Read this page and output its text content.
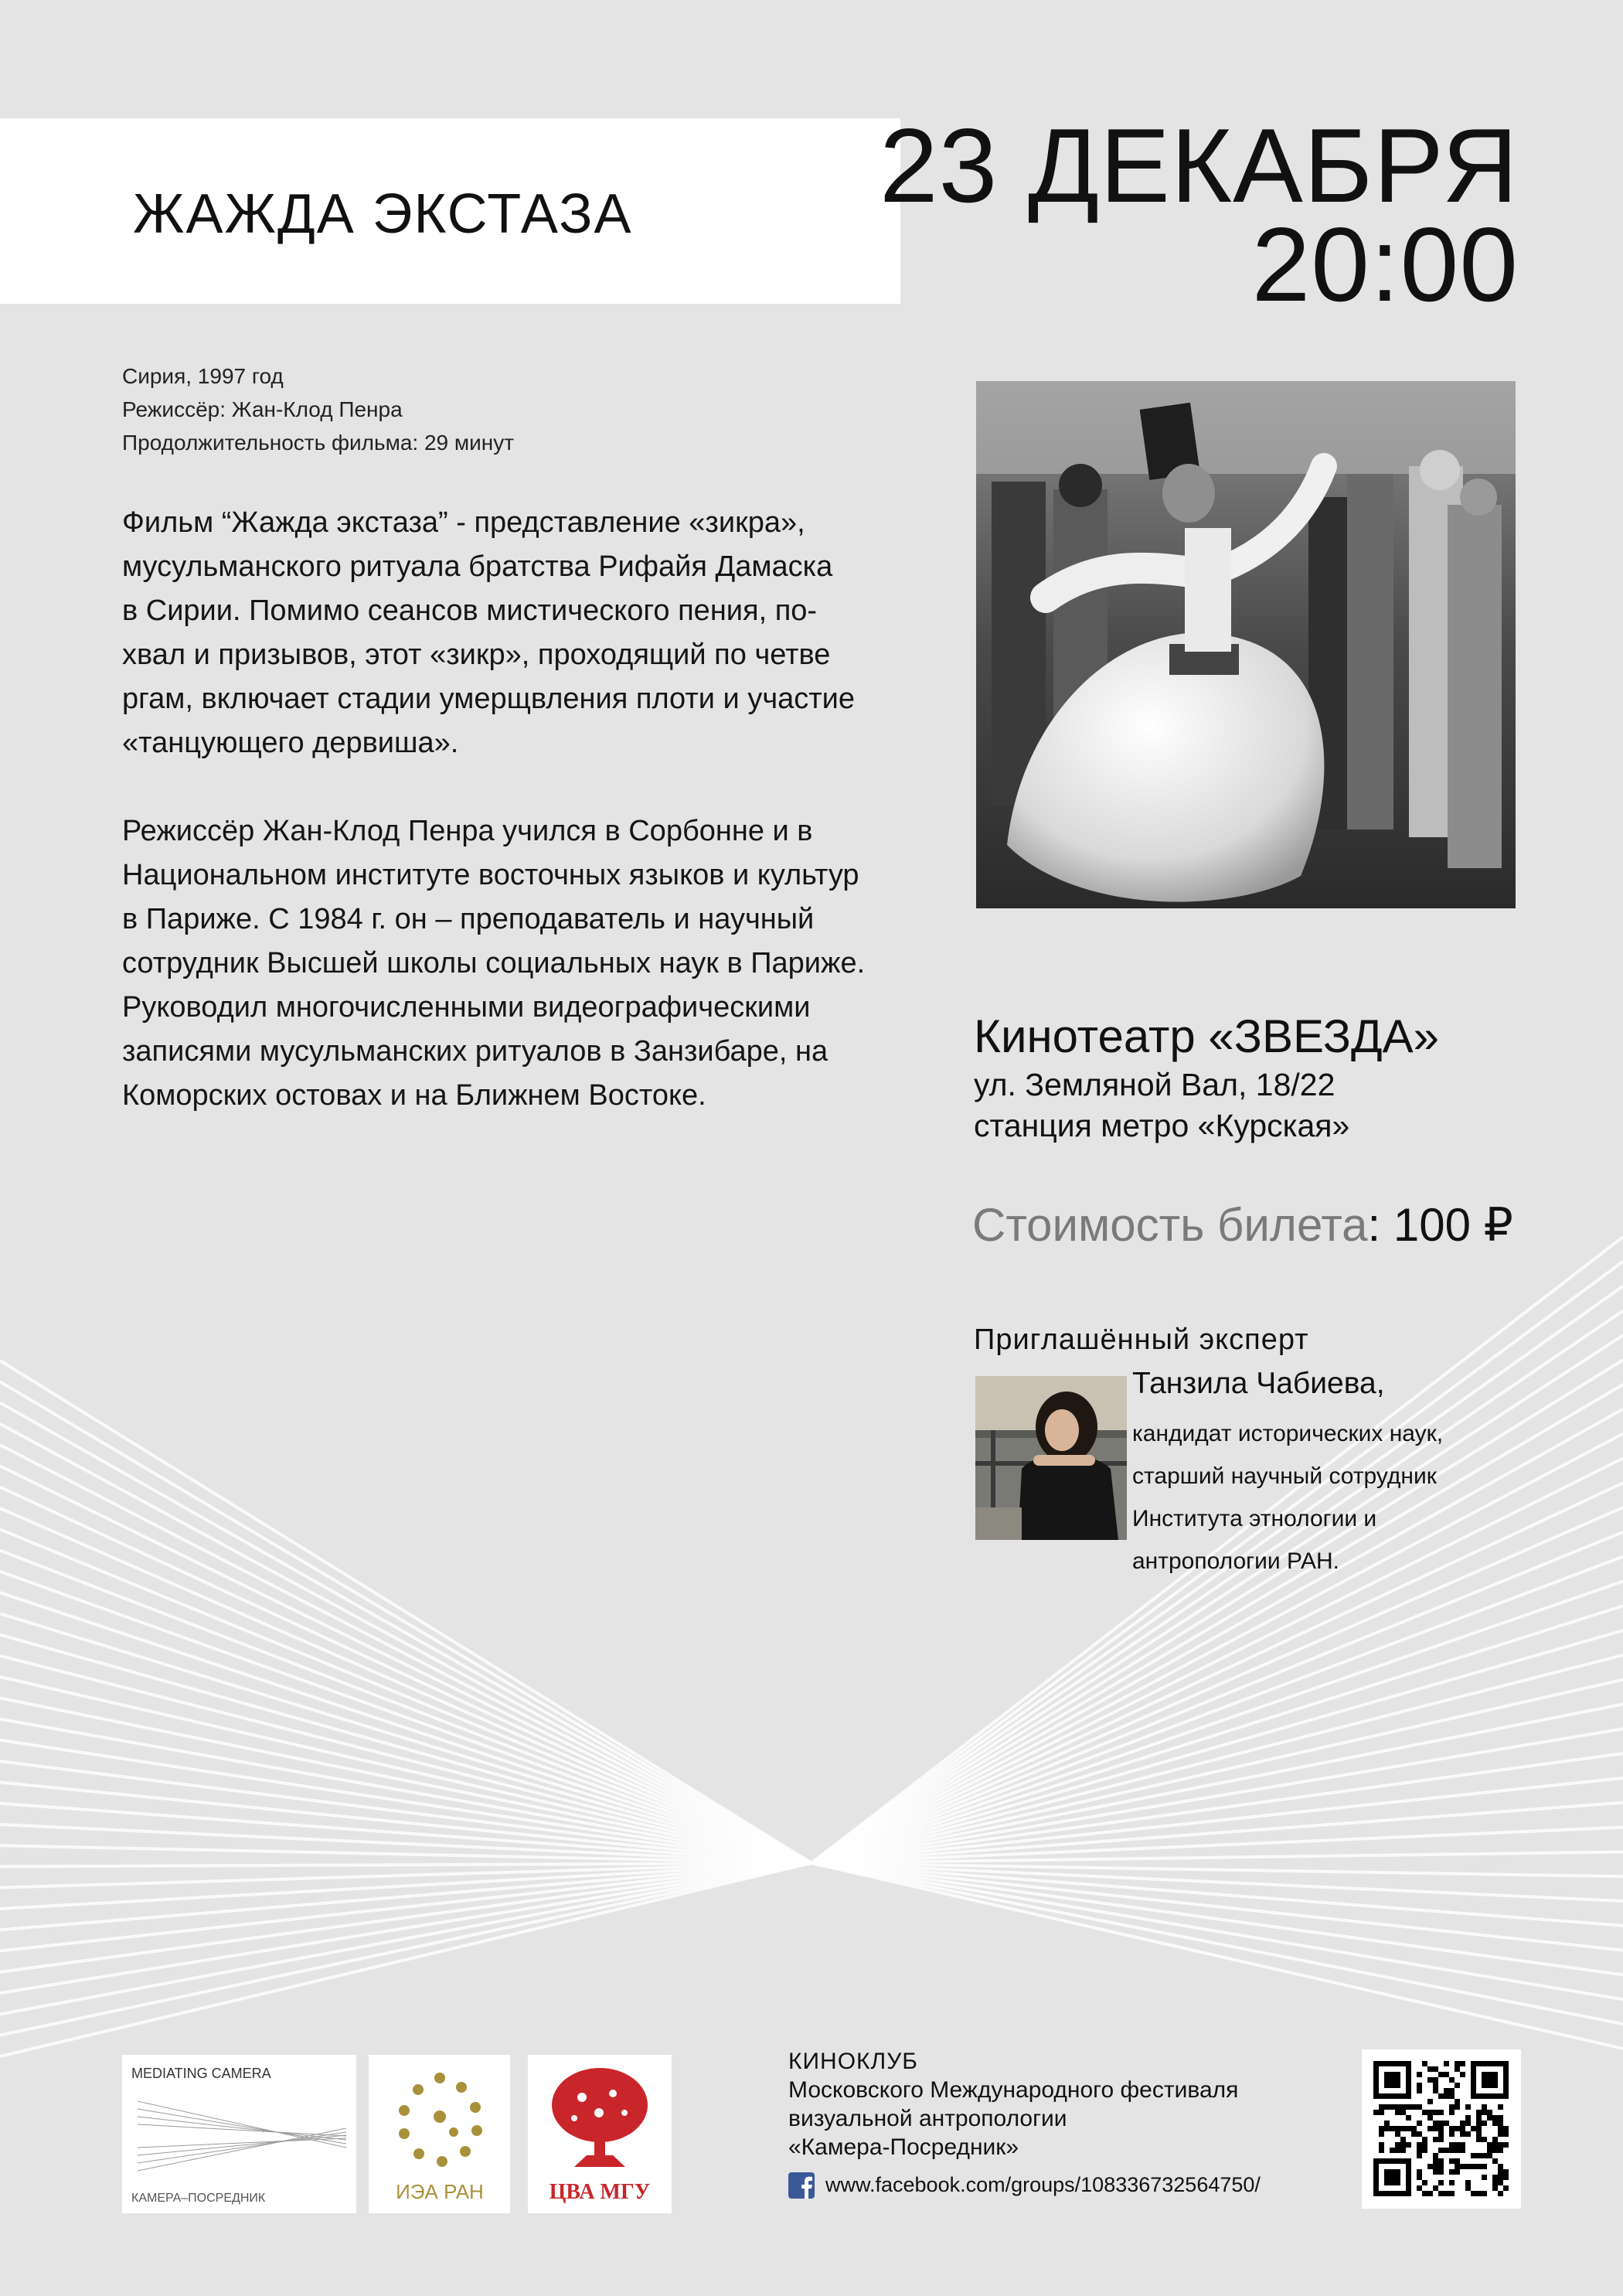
ЖАЖДА ЭКСТАЗА 23 ДЕКАБРЯ
20:00
Сирия, 1997 год
Режиссёр: Жан-Клод Пенра
Продолжительность фильма: 29 минут
Фильм “Жажда экстаза” - представление «зикра»,
мусульманского ритуала братства Рифайя Дамаска
в Сирии. Помимо сеансов мистического пения, по-
хвал и призывов, этот «зикр», проходящий по четве
ргам, включает стадии умерщвления плоти и участие
«танцующего дервиша».
Режиссёр Жан-Клод Пенра учился в Сорбонне и в
Национальном институте восточных языков и культур
в Париже. С 1984 г. он – преподаватель и научный
сотрудник Высшей школы социальных наук в Париже.
Руководил многочисленными видеографическими
записями мусульманских ритуалов в Занзибаре, на
Коморских остовах и на Ближнем Востоке.
Кинотеатр «ЗВЕЗДА»
ул. Земляной Вал, 18/22
станция метро «Курская»
Стоимость билета: 100 ₽
Приглашённый эксперт
Танзила Чабиева,
кандидат исторических наук,
старший научный сотрудник
Института этнологии и
антропологии РАН.
MEDIATING CAMERA
КАМЕРА–ПОСРЕДНИК	ИЭА РАН	ЦВА МГУ
КИНОКЛУБ
Московского Международного фестиваля
визуальной антропологии
«Камера-Посредник»
www.facebook.com/groups/108336732564750/
